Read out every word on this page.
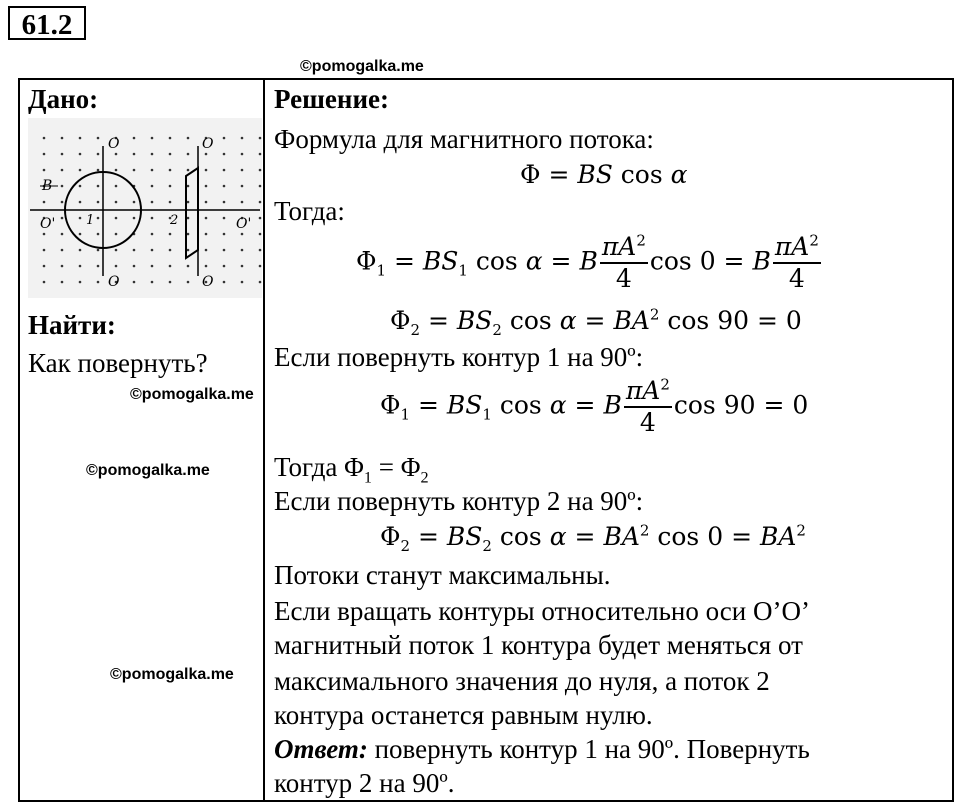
61.2
©pomogalka.me
©pomogalka.me
©pomogalka.me
©pomogalka.me
Дано:
O	O
O	O
O'	O'
B
1	2
Найти:
Как повернуть?
Решение:
Формула для магнитного потока:
Φ = BS cos α
Тогда:
$\Phi_1 = BS_1$ cos α = B $\frac{\pi A^2}{4}$ cos 0 = B $\frac{\pi A^2}{4}$
$\Phi_2 = BS_2$ $\cos \alpha = BA^2$ cos 90 = 0
Если повернуть контур 1 на 90º:
$\Phi_1 = BS_1$ cos α = B $\frac{\pi A^2}{4}$ cos 90 = 0
Тогда $\Phi_1 = \Phi_2$
Если повернуть контур 2 на 90º:
$\Phi_2 = BS_2$ $\cos \alpha = BA^2$ $\cos 0 = BA^2$
Потоки станут максимальны.
Если вращать контуры относительно оси O’O’
магнитный поток 1 контура будет меняться от
максимального значения до нуля, а поток 2
контура останется равным нулю.
Ответ: повернуть контур 1 на 90º. Повернуть
контур 2 на 90º.
